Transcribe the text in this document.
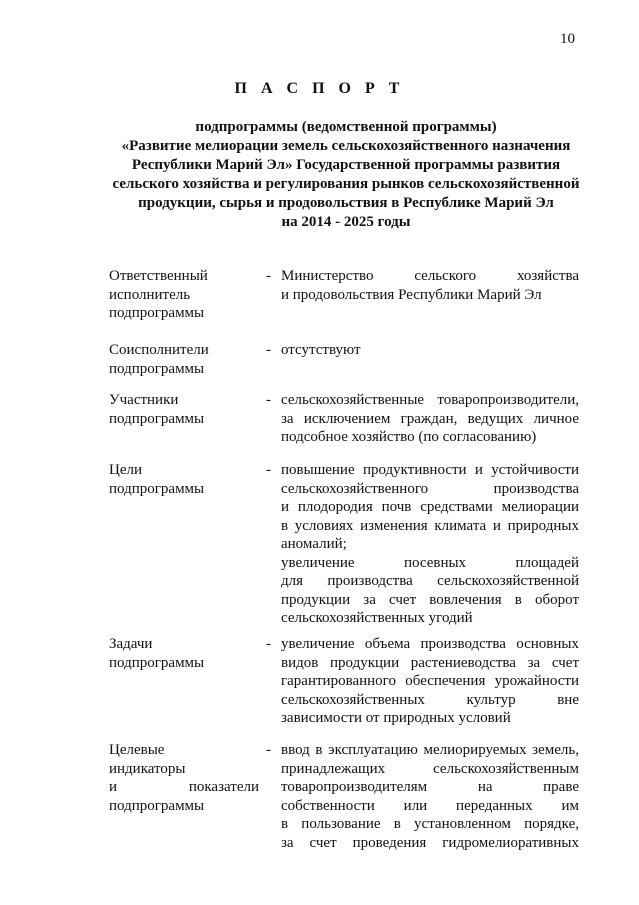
10
П А С П О Р Т
подпрограммы (ведомственной программы)
«Развитие мелиорации земель сельскохозяйственного назначения
Республики Марий Эл» Государственной программы развития
сельского хозяйства и регулирования рынков сельскохозяйственной
продукции, сырья и продовольствия в Республике Марий Эл
на 2014 - 2025 годы
Ответственный
исполнитель
подпрограммы
- Министерство сельского хозяйства
и продовольствия Республики Марий Эл
Соисполнители
подпрограммы
- отсутствуют
Участники
подпрограммы
- сельскохозяйственные товаропроизводители,
за исключением граждан, ведущих личное
подсобное хозяйство (по согласованию)
Цели
подпрограммы
- повышение продуктивности и устойчивости
сельскохозяйственного производства
и плодородия почв средствами мелиорации
в условиях изменения климата и природных
аномалий;
увеличение посевных площадей
для производства сельскохозяйственной
продукции за счет вовлечения в оборот
сельскохозяйственных угодий
Задачи
подпрограммы
- увеличение объема производства основных
видов продукции растениеводства за счет
гарантированного обеспечения урожайности
сельскохозяйственных культур вне
зависимости от природных условий
Целевые
индикаторы
и показатели
подпрограммы
- ввод в эксплуатацию мелиорируемых земель,
принадлежащих сельскохозяйственным
товаропроизводителям на праве
собственности или переданных им
в пользование в установленном порядке,
за счет проведения гидромелиоративных
